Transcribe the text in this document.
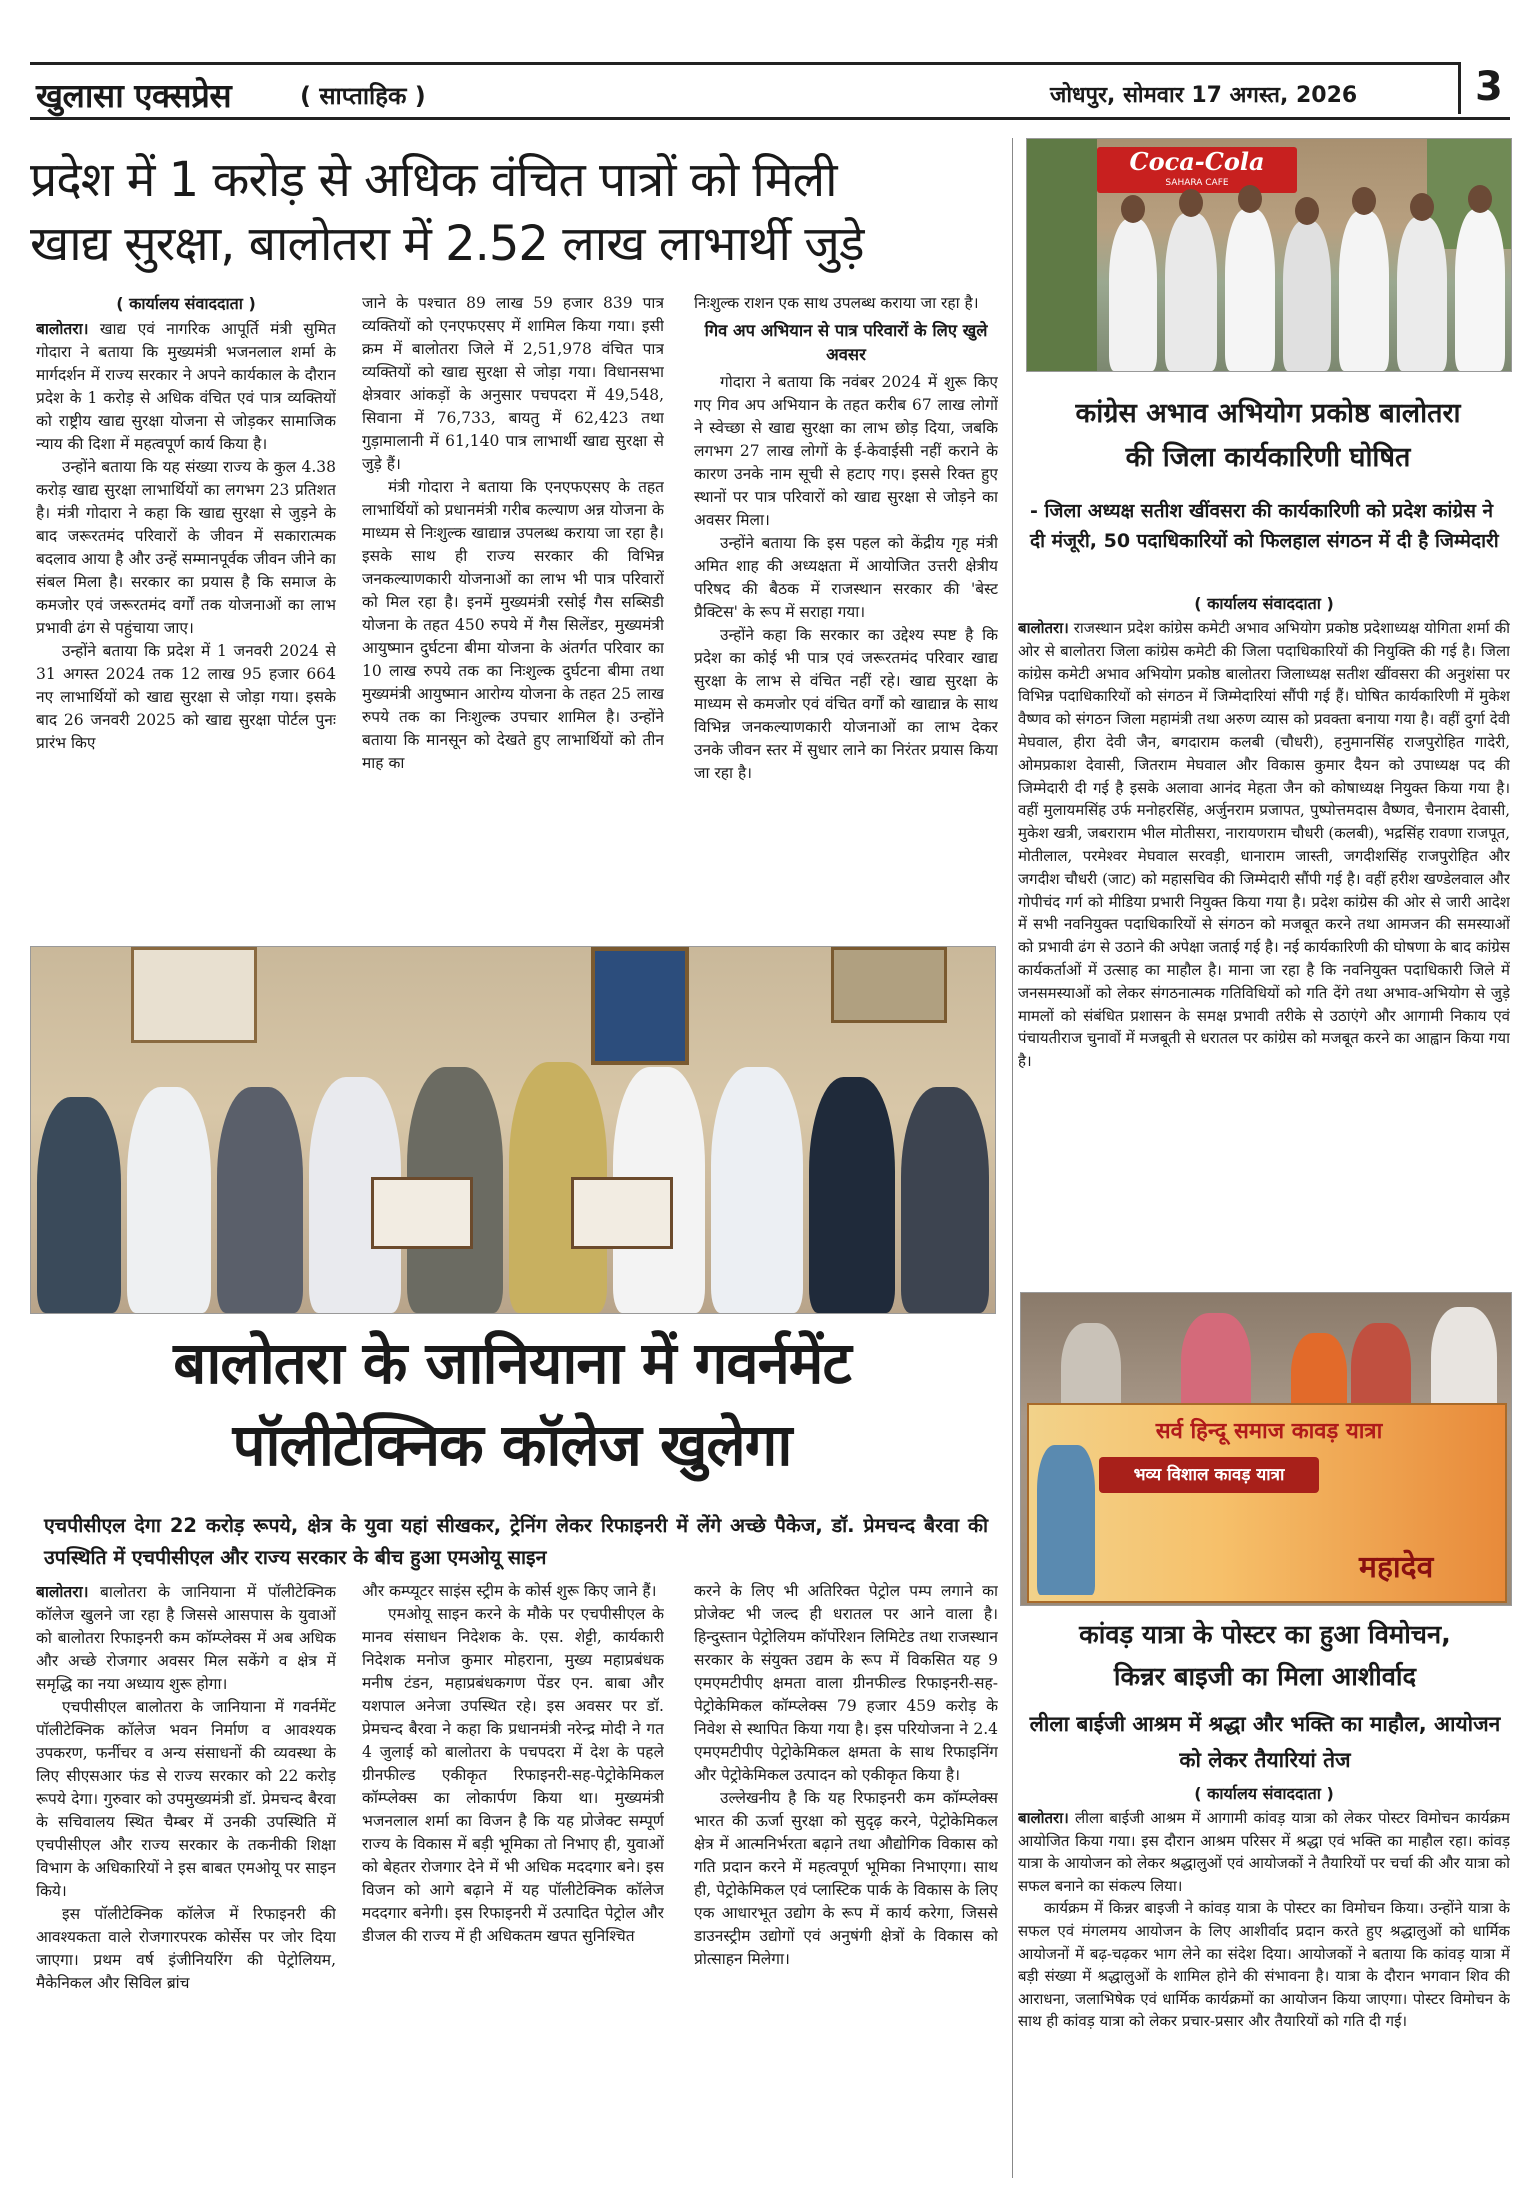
खुलासा एक्सप्रेस	( साप्ताहिक )	जोधपुर, सोमवार 17 अगस्त, 2026	3
प्रदेश में 1 करोड़ से अधिक वंचित पात्रों को मिली
खाद्य सुरक्षा, बालोतरा में 2.52 लाख लाभार्थी जुड़े

( कार्यालय संवाददाता )

बालोतरा। खाद्य एवं नागरिक आपूर्ति मंत्री सुमित गोदारा ने बताया कि मुख्यमंत्री भजनलाल शर्मा के मार्गदर्शन में राज्य सरकार ने अपने कार्यकाल के दौरान प्रदेश के 1 करोड़ से अधिक वंचित एवं पात्र व्यक्तियों को राष्ट्रीय खाद्य सुरक्षा योजना से जोड़कर सामाजिक न्याय की दिशा में महत्वपूर्ण कार्य किया है।

उन्होंने बताया कि यह संख्या राज्य के कुल 4.38 करोड़ खाद्य सुरक्षा लाभार्थियों का लगभग 23 प्रतिशत है। मंत्री गोदारा ने कहा कि खाद्य सुरक्षा से जुड़ने के बाद जरूरतमंद परिवारों के जीवन में सकारात्मक बदलाव आया है और उन्हें सम्मानपूर्वक जीवन जीने का संबल मिला है। सरकार का प्रयास है कि समाज के कमजोर एवं जरूरतमंद वर्गों तक योजनाओं का लाभ प्रभावी ढंग से पहुंचाया जाए।

उन्होंने बताया कि प्रदेश में 1 जनवरी 2024 से 31 अगस्त 2024 तक 12 लाख 95 हजार 664 नए लाभार्थियों को खाद्य सुरक्षा से जोड़ा गया। इसके बाद 26 जनवरी 2025 को खाद्य सुरक्षा पोर्टल पुनः प्रारंभ किए

जाने के पश्चात 89 लाख 59 हजार 839 पात्र व्यक्तियों को एनएफएसए में शामिल किया गया। इसी क्रम में बालोतरा जिले में 2,51,978 वंचित पात्र व्यक्तियों को खाद्य सुरक्षा से जोड़ा गया। विधानसभा क्षेत्रवार आंकड़ों के अनुसार पचपदरा में 49,548, सिवाना में 76,733, बायतु में 62,423 तथा गुड़ामालानी में 61,140 पात्र लाभार्थी खाद्य सुरक्षा से जुड़े हैं।

मंत्री गोदारा ने बताया कि एनएफएसए के तहत लाभार्थियों को प्रधानमंत्री गरीब कल्याण अन्न योजना के माध्यम से निःशुल्क खाद्यान्न उपलब्ध कराया जा रहा है। इसके साथ ही राज्य सरकार की विभिन्न जनकल्याणकारी योजनाओं का लाभ भी पात्र परिवारों को मिल रहा है। इनमें मुख्यमंत्री रसोई गैस सब्सिडी योजना के तहत 450 रुपये में गैस सिलेंडर, मुख्यमंत्री आयुष्मान दुर्घटना बीमा योजना के अंतर्गत परिवार का 10 लाख रुपये तक का निःशुल्क दुर्घटना बीमा तथा मुख्यमंत्री आयुष्मान आरोग्य योजना के तहत 25 लाख रुपये तक का निःशुल्क उपचार शामिल है। उन्होंने बताया कि मानसून को देखते हुए लाभार्थियों को तीन माह का

निःशुल्क राशन एक साथ उपलब्ध कराया जा रहा है।

गिव अप अभियान से पात्र परिवारों के लिए खुले अवसर

गोदारा ने बताया कि नवंबर 2024 में शुरू किए गए गिव अप अभियान के तहत करीब 67 लाख लोगों ने स्वेच्छा से खाद्य सुरक्षा का लाभ छोड़ दिया, जबकि लगभग 27 लाख लोगों के ई-केवाईसी नहीं कराने के कारण उनके नाम सूची से हटाए गए। इससे रिक्त हुए स्थानों पर पात्र परिवारों को खाद्य सुरक्षा से जोड़ने का अवसर मिला।

उन्होंने बताया कि इस पहल को केंद्रीय गृह मंत्री अमित शाह की अध्यक्षता में आयोजित उत्तरी क्षेत्रीय परिषद की बैठक में राजस्थान सरकार की 'बेस्ट प्रैक्टिस' के रूप में सराहा गया।

उन्होंने कहा कि सरकार का उद्देश्य स्पष्ट है कि प्रदेश का कोई भी पात्र एवं जरूरतमंद परिवार खाद्य सुरक्षा के लाभ से वंचित नहीं रहे। खाद्य सुरक्षा के माध्यम से कमजोर एवं वंचित वर्गों को खाद्यान्न के साथ विभिन्न जनकल्याणकारी योजनाओं का लाभ देकर उनके जीवन स्तर में सुधार लाने का निरंतर प्रयास किया जा रहा है।

Coca-Cola
SAHARA CAFE
कांग्रेस अभाव अभियोग प्रकोष्ठ बालोतरा
की जिला कार्यकारिणी घोषित
- जिला अध्यक्ष सतीश खींवसरा की कार्यकारिणी को प्रदेश कांग्रेस ने दी मंजूरी, 50 पदाधिकारियों को फिलहाल संगठन में दी है जिम्मेदारी

( कार्यालय संवाददाता )

बालोतरा। राजस्थान प्रदेश कांग्रेस कमेटी अभाव अभियोग प्रकोष्ठ प्रदेशाध्यक्ष योगिता शर्मा की ओर से बालोतरा जिला कांग्रेस कमेटी की जिला पदाधिकारियों की नियुक्ति की गई है। जिला कांग्रेस कमेटी अभाव अभियोग प्रकोष्ठ बालोतरा जिलाध्यक्ष सतीश खींवसरा की अनुशंसा पर विभिन्न पदाधिकारियों को संगठन में जिम्मेदारियां सौंपी गई हैं। घोषित कार्यकारिणी में मुकेश वैष्णव को संगठन जिला महामंत्री तथा अरुण व्यास को प्रवक्ता बनाया गया है। वहीं दुर्गा देवी मेघवाल, हीरा देवी जैन, बगदाराम कलबी (चौधरी), हनुमानसिंह राजपुरोहित गादेरी, ओमप्रकाश देवासी, जितराम मेघवाल और विकास कुमार दैयन को उपाध्यक्ष पद की जिम्मेदारी दी गई है इसके अलावा आनंद मेहता जैन को कोषाध्यक्ष नियुक्त किया गया है। वहीं मुलायमसिंह उर्फ मनोहरसिंह, अर्जुनराम प्रजापत, पुष्पोत्तमदास वैष्णव, चैनाराम देवासी, मुकेश खत्री, जबराराम भील मोतीसरा, नारायणराम चौधरी (कलबी), भद्रसिंह रावणा राजपूत, मोतीलाल, परमेश्वर मेघवाल सरवड़ी, धानाराम जास्ती, जगदीशसिंह राजपुरोहित और जगदीश चौधरी (जाट) को महासचिव की जिम्मेदारी सौंपी गई है। वहीं हरीश खण्डेलवाल और गोपीचंद गर्ग को मीडिया प्रभारी नियुक्त किया गया है। प्रदेश कांग्रेस की ओर से जारी आदेश में सभी नवनियुक्त पदाधिकारियों से संगठन को मजबूत करने तथा आमजन की समस्याओं को प्रभावी ढंग से उठाने की अपेक्षा जताई गई है। नई कार्यकारिणी की घोषणा के बाद कांग्रेस कार्यकर्ताओं में उत्साह का माहौल है। माना जा रहा है कि नवनियुक्त पदाधिकारी जिले में जनसमस्याओं को लेकर संगठनात्मक गतिविधियों को गति देंगे तथा अभाव-अभियोग से जुड़े मामलों को संबंधित प्रशासन के समक्ष प्रभावी तरीके से उठाएंगे और आगामी निकाय एवं पंचायतीराज चुनावों में मजबूती से धरातल पर कांग्रेस को मजबूत करने का आह्वान किया गया है।

बालोतरा के जानियाना में गवर्नमेंट
पॉलीटेक्निक कॉलेज खुलेगा
एचपीसीएल देगा 22 करोड़ रूपये, क्षेत्र के युवा यहां सीखकर, ट्रेनिंग लेकर रिफाइनरी में लेंगे अच्छे पैकेज, डॉ. प्रेमचन्द बैरवा की उपस्थिति में एचपीसीएल और राज्य सरकार के बीच हुआ एमओयू साइन

बालोतरा। बालोतरा के जानियाना में पॉलीटेक्निक कॉलेज खुलने जा रहा है जिससे आसपास के युवाओं को बालोतरा रिफाइनरी कम कॉम्प्लेक्स में अब अधिक और अच्छे रोजगार अवसर मिल सकेंगे व क्षेत्र में समृद्धि का नया अध्याय शुरू होगा।

एचपीसीएल बालोतरा के जानियाना में गवर्नमेंट पॉलीटेक्निक कॉलेज भवन निर्माण व आवश्यक उपकरण, फर्नीचर व अन्य संसाधनों की व्यवस्था के लिए सीएसआर फंड से राज्य सरकार को 22 करोड़ रूपये देगा। गुरुवार को उपमुख्यमंत्री डॉ. प्रेमचन्द बैरवा के सचिवालय स्थित चैम्बर में उनकी उपस्थिति में एचपीसीएल और राज्य सरकार के तकनीकी शिक्षा विभाग के अधिकारियों ने इस बाबत एमओयू पर साइन किये।

इस पॉलीटेक्निक कॉलेज में रिफाइनरी की आवश्यकता वाले रोजगारपरक कोर्सेस पर जोर दिया जाएगा। प्रथम वर्ष इंजीनियरिंग की पेट्रोलियम, मैकेनिकल और सिविल ब्रांच

और कम्प्यूटर साइंस स्ट्रीम के कोर्स शुरू किए जाने हैं।

एमओयू साइन करने के मौके पर एचपीसीएल के मानव संसाधन निदेशक के. एस. शेट्टी, कार्यकारी निदेशक मनोज कुमार मोहराना, मुख्य महाप्रबंधक मनीष टंडन, महाप्रबंधकगण पेंडर एन. बाबा और यशपाल अनेजा उपस्थित रहे। इस अवसर पर डॉ. प्रेमचन्द बैरवा ने कहा कि प्रधानमंत्री नरेन्द्र मोदी ने गत 4 जुलाई को बालोतरा के पचपदरा में देश के पहले ग्रीनफील्ड एकीकृत रिफाइनरी-सह-पेट्रोकेमिकल कॉम्प्लेक्स का लोकार्पण किया था। मुख्यमंत्री भजनलाल शर्मा का विजन है कि यह प्रोजेक्ट सम्पूर्ण राज्य के विकास में बड़ी भूमिका तो निभाए ही, युवाओं को बेहतर रोजगार देने में भी अधिक मददगार बने। इस विजन को आगे बढ़ाने में यह पॉलीटेक्निक कॉलेज मददगार बनेगी। इस रिफाइनरी में उत्पादित पेट्रोल और डीजल की राज्य में ही अधिकतम खपत सुनिश्चित

करने के लिए भी अतिरिक्त पेट्रोल पम्प लगाने का प्रोजेक्ट भी जल्द ही धरातल पर आने वाला है। हिन्दुस्तान पेट्रोलियम कॉर्पोरेशन लिमिटेड तथा राजस्थान सरकार के संयुक्त उद्यम के रूप में विकसित यह 9 एमएमटीपीए क्षमता वाला ग्रीनफील्ड रिफाइनरी-सह-पेट्रोकेमिकल कॉम्प्लेक्स 79 हजार 459 करोड़ के निवेश से स्थापित किया गया है। इस परियोजना ने 2.4 एमएमटीपीए पेट्रोकेमिकल क्षमता के साथ रिफाइनिंग और पेट्रोकेमिकल उत्पादन को एकीकृत किया है।

उल्लेखनीय है कि यह रिफाइनरी कम कॉम्प्लेक्स भारत की ऊर्जा सुरक्षा को सुदृढ़ करने, पेट्रोकेमिकल क्षेत्र में आत्मनिर्भरता बढ़ाने तथा औद्योगिक विकास को गति प्रदान करने में महत्वपूर्ण भूमिका निभाएगा। साथ ही, पेट्रोकेमिकल एवं प्लास्टिक पार्क के विकास के लिए एक आधारभूत उद्योग के रूप में कार्य करेगा, जिससे डाउनस्ट्रीम उद्योगों एवं अनुषंगी क्षेत्रों के विकास को प्रोत्साहन मिलेगा।

सर्व हिन्दू समाज कावड़ यात्रा
भव्य विशाल कावड़ यात्रा
महादेव
कांवड़ यात्रा के पोस्टर का हुआ विमोचन,
किन्नर बाइजी का मिला आशीर्वाद
लीला बाईजी आश्रम में श्रद्धा और भक्ति का माहौल, आयोजन को लेकर तैयारियां तेज

( कार्यालय संवाददाता )

बालोतरा। लीला बाईजी आश्रम में आगामी कांवड़ यात्रा को लेकर पोस्टर विमोचन कार्यक्रम आयोजित किया गया। इस दौरान आश्रम परिसर में श्रद्धा एवं भक्ति का माहौल रहा। कांवड़ यात्रा के आयोजन को लेकर श्रद्धालुओं एवं आयोजकों ने तैयारियों पर चर्चा की और यात्रा को सफल बनाने का संकल्प लिया।

कार्यक्रम में किन्नर बाइजी ने कांवड़ यात्रा के पोस्टर का विमोचन किया। उन्होंने यात्रा के सफल एवं मंगलमय आयोजन के लिए आशीर्वाद प्रदान करते हुए श्रद्धालुओं को धार्मिक आयोजनों में बढ़-चढ़कर भाग लेने का संदेश दिया। आयोजकों ने बताया कि कांवड़ यात्रा में बड़ी संख्या में श्रद्धालुओं के शामिल होने की संभावना है। यात्रा के दौरान भगवान शिव की आराधना, जलाभिषेक एवं धार्मिक कार्यक्रमों का आयोजन किया जाएगा। पोस्टर विमोचन के साथ ही कांवड़ यात्रा को लेकर प्रचार-प्रसार और तैयारियों को गति दी गई।
